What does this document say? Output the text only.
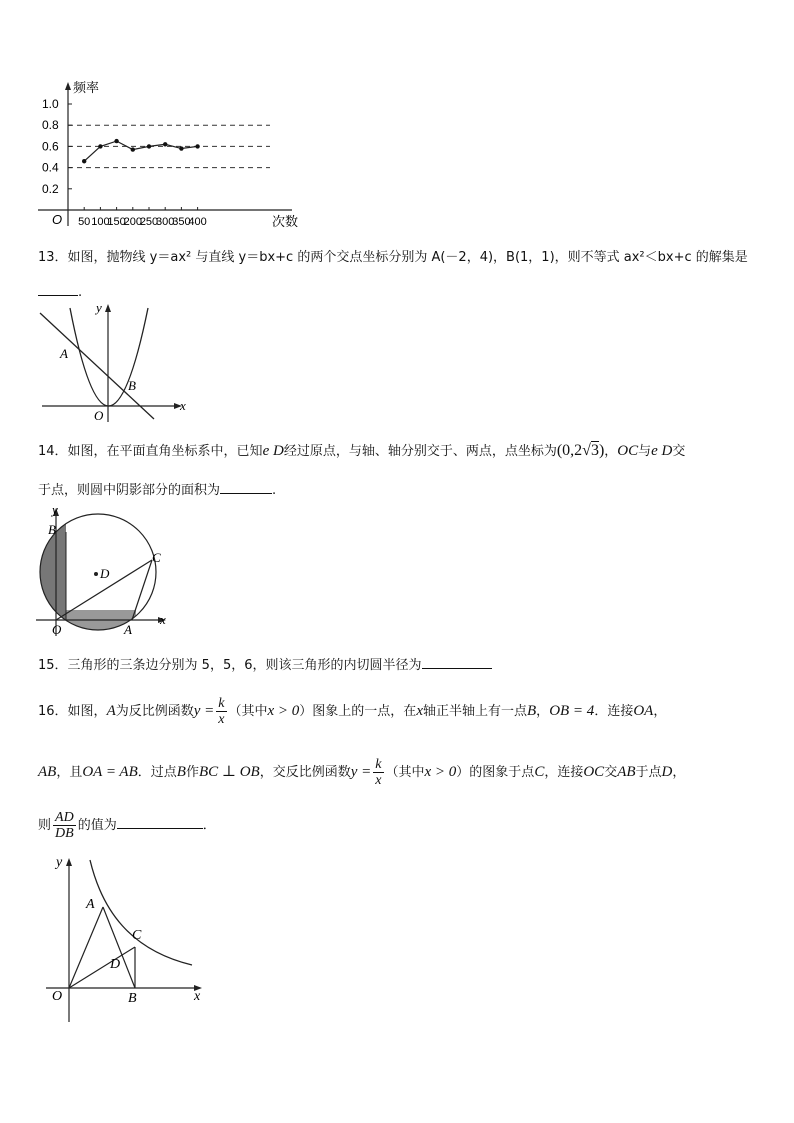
频率
次数
O
0.2
0.4
0.6
0.8
1.0
50 100
150
200
250
300
350
400
13．如图，抛物线 y＝ax² 与直线 y＝bx+c 的两个交点坐标分别为 A(－2，4)，B(1，1)，则不等式 ax²＜bx+c 的解集是
.
A
B
O
x
y
14．如图，在平面直角坐标系中，已知e D经过原点，与轴、轴分别交于、两点，点坐标为(0,2√3)，OC与e D交
于点，则圆中阴影部分的面积为	.
B
C
D
O	A
x
y
15．三角形的三条边分别为 5，5，6，则该三角形的内切圆半径为
16．如图，A为反比例函数$y = \frac{k}{x}$ （其中x > 0）图象上的一点，在x轴正半轴上有一点B，OB = 4．连接OA，
AB，且OA = AB．过点B作BC ⊥ OB，交反比例函数$y = \frac{k}{x}$ （其中x > 0）的图象于点C，连接OC交AB于点D，
则 $\frac{AD}{DB}$ 的值为	．
A
C
D
O	B	x
y
